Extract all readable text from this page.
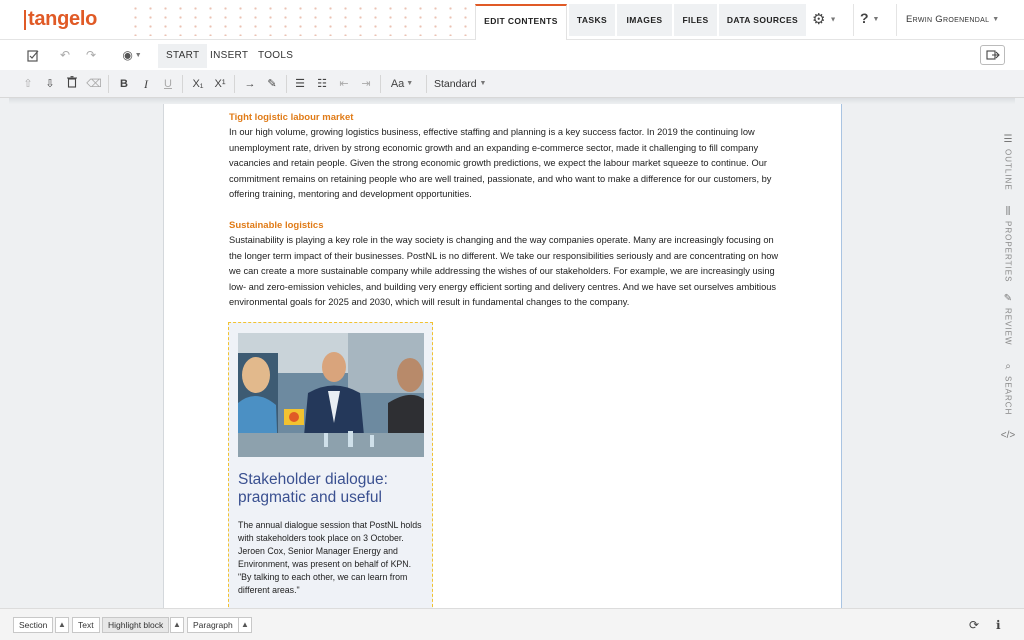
tangelo	EDIT CONTENTS	TASKS	IMAGES	FILES	DATA SOURCES ⚙ ▼	? ▼	Erwin Groenendal ▼
↶ ↷	◉ ▼	START	INSERT TOOLS
⇧	⇩	⌫	B	I	U	X₁ X¹ →	✎	☰ ☷	⇤	⇥	Aa ▼ Standard ▼
Tight logistic labour market
In our high volume, growing logistics business, effective staffing and planning is a key success factor. In 2019 the continuing low unemployment rate, driven by strong economic growth and an expanding e-commerce sector, made it challenging to fill company vacancies and retain people. Given the strong economic growth predictions, we expect the labour market squeeze to continue. Our commitment remains on retaining people who are well trained, passionate, and who want to make a difference for our customers, by offering training, mentoring and development opportunities.
Sustainable logistics
Sustainability is playing a key role in the way society is changing and the way companies operate. Many are increasingly focusing on the longer term impact of their businesses. PostNL is no different. We take our responsibilities seriously and are concentrating on how we can create a more sustainable company while addressing the wishes of our stakeholders. For example, we are increasingly using low- and zero-emission vehicles, and building very energy efficient sorting and delivery centres. And we have set ourselves ambitious environmental goals for 2025 and 2030, which will result in fundamental changes to the company.
Stakeholder dialogue: pragmatic and useful
The annual dialogue session that PostNL holds with stakeholders took place on 3 October. Jeroen Cox, Senior Manager Energy and Environment, was present on behalf of KPN. "By talking to each other, we can learn from different areas."
☰
OUTLINE
⫼
PROPERTIES
✎
REVIEW
⌕
SEARCH
</>
Section	▲	Text	Highlight block	▲	Paragraph	▲	⟳ ℹ
